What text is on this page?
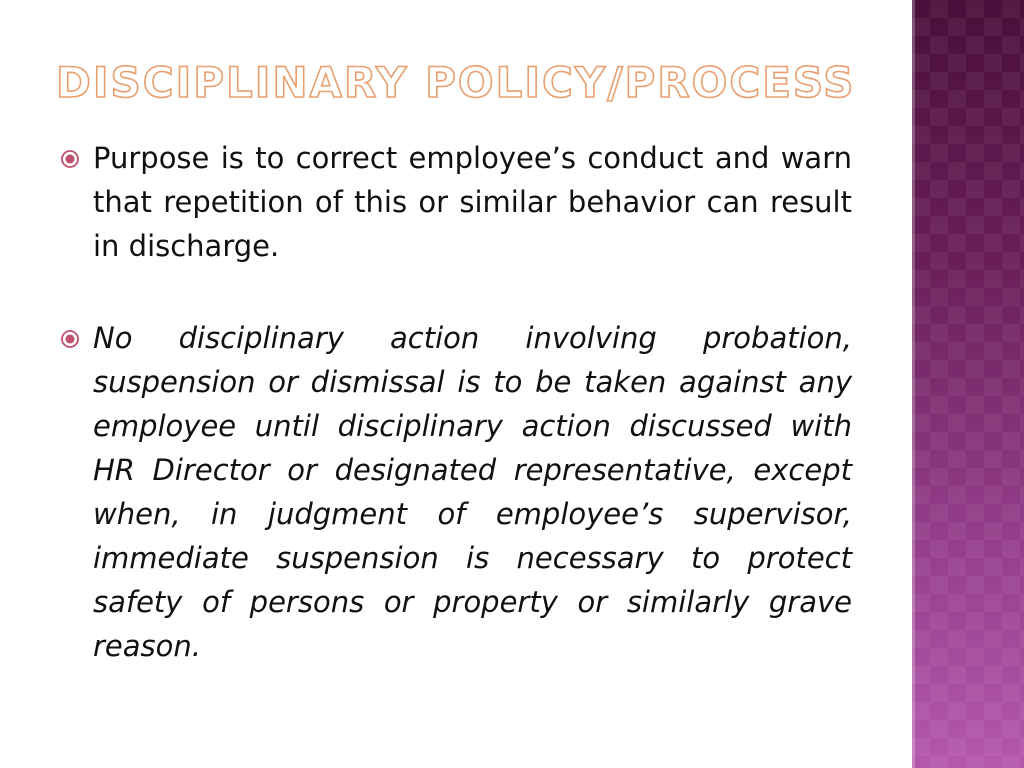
DISCIPLINARY POLICY/PROCESS
Purpose is to correct employee’s conduct and warn that repetition of this or similar behavior can result in discharge.
No disciplinary action involving probation, suspension or dismissal is to be taken against any employee until disciplinary action discussed with HR Director or designated representative, except when, in judgment of employee’s supervisor, immediate suspension is necessary to protect safety of persons or property or similarly grave reason.
